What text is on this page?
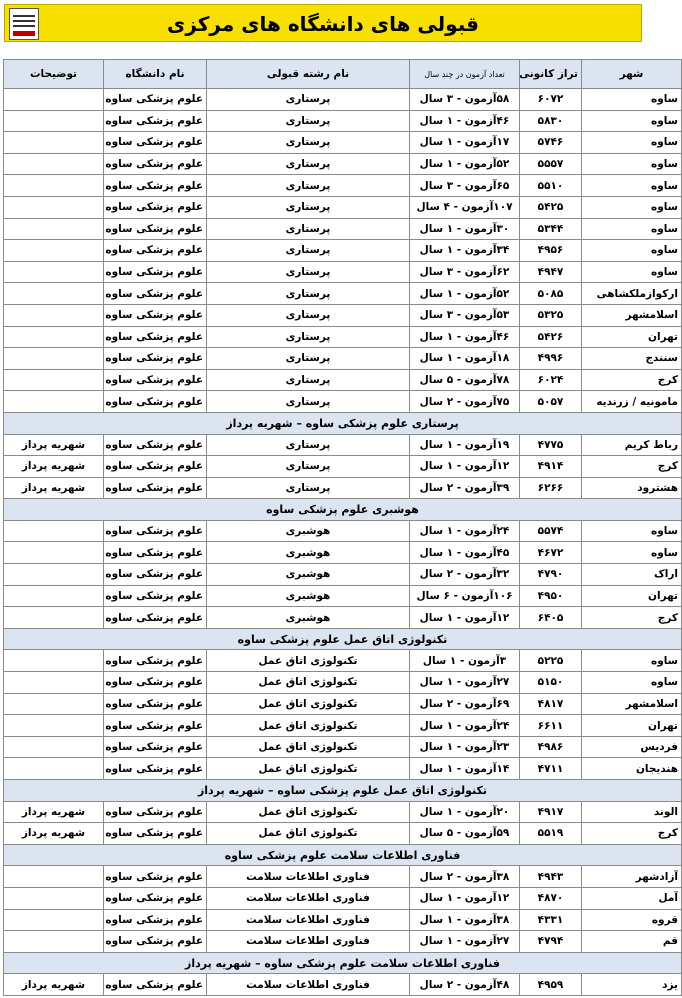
قبولی های دانشگاه های مرکزی
شهر	تراز کانونی	تعداد آزمون در چند سال	نام رشته قبولی	نام دانشگاه	توضیحات
ساوه	۶۰۷۲	۵۸آزمون - ۳ سال	پرستاری	علوم پزشکی ساوه	
ساوه	۵۸۳۰	۴۶آزمون - ۱ سال	پرستاری	علوم پزشکی ساوه	
ساوه	۵۷۴۶	۱۷آزمون - ۱ سال	پرستاری	علوم پزشکی ساوه	
ساوه	۵۵۵۷	۵۲آزمون - ۱ سال	پرستاری	علوم پزشکی ساوه	
ساوه	۵۵۱۰	۶۵آزمون - ۳ سال	پرستاری	علوم پزشکی ساوه	
ساوه	۵۴۲۵	۱۰۷آزمون - ۴ سال	پرستاری	علوم پزشکی ساوه	
ساوه	۵۳۴۴	۳۰آزمون - ۱ سال	پرستاری	علوم پزشکی ساوه	
ساوه	۴۹۵۶	۳۴آزمون - ۱ سال	پرستاری	علوم پزشکی ساوه	
ساوه	۴۹۴۷	۶۲آزمون - ۳ سال	پرستاری	علوم پزشکی ساوه	
ارکوازملکشاهی	۵۰۸۵	۵۲آزمون - ۱ سال	پرستاری	علوم پزشکی ساوه	
اسلامشهر	۵۳۲۵	۵۳آزمون - ۳ سال	پرستاری	علوم پزشکی ساوه	
تهران	۵۴۲۶	۴۶آزمون - ۱ سال	پرستاری	علوم پزشکی ساوه	
سنندج	۴۹۹۶	۱۸آزمون - ۱ سال	پرستاری	علوم پزشکی ساوه	
کرج	۶۰۲۴	۷۸آزمون - ۵ سال	پرستاری	علوم پزشکی ساوه	
مامونیه / زرندیه	۵۰۵۷	۷۵آزمون - ۲ سال	پرستاری	علوم پزشکی ساوه	
پرستاری علوم پزشکی ساوه – شهریه پرداز					
رباط کریم	۴۷۷۵	۱۹آزمون - ۱ سال	پرستاری	علوم پزشکی ساوه	شهریه پرداز
کرج	۴۹۱۴	۱۲آزمون - ۱ سال	پرستاری	علوم پزشکی ساوه	شهریه پرداز
هشترود	۶۲۶۶	۳۹آزمون - ۲ سال	پرستاری	علوم پزشکی ساوه	شهریه پرداز
هوشبری علوم پزشکی ساوه					
ساوه	۵۵۷۴	۲۴آزمون - ۱ سال	هوشبری	علوم پزشکی ساوه	
ساوه	۴۶۷۲	۴۵آزمون - ۱ سال	هوشبری	علوم پزشکی ساوه	
اراک	۴۷۹۰	۳۲آزمون - ۲ سال	هوشبری	علوم پزشکی ساوه	
تهران	۴۹۵۰	۱۰۶آزمون - ۶ سال	هوشبری	علوم پزشکی ساوه	
کرج	۶۴۰۵	۱۲آزمون - ۱ سال	هوشبری	علوم پزشکی ساوه	
تکنولوژی اتاق عمل علوم پزشکی ساوه					
ساوه	۵۲۲۵	۳آزمون - ۱ سال	تکنولوژی اتاق عمل	علوم پزشکی ساوه	
ساوه	۵۱۵۰	۲۷آزمون - ۱ سال	تکنولوژی اتاق عمل	علوم پزشکی ساوه	
اسلامشهر	۴۸۱۷	۶۹آزمون - ۲ سال	تکنولوژی اتاق عمل	علوم پزشکی ساوه	
تهران	۶۶۱۱	۲۴آزمون - ۱ سال	تکنولوژی اتاق عمل	علوم پزشکی ساوه	
فردیس	۴۹۸۶	۲۳آزمون - ۱ سال	تکنولوژی اتاق عمل	علوم پزشکی ساوه	
هندیجان	۴۷۱۱	۱۴آزمون - ۱ سال	تکنولوژی اتاق عمل	علوم پزشکی ساوه	
تکنولوژی اتاق عمل علوم پزشکی ساوه – شهریه پرداز					
الوند	۴۹۱۷	۲۰آزمون - ۱ سال	تکنولوژی اتاق عمل	علوم پزشکی ساوه	شهریه پرداز
کرج	۵۵۱۹	۵۹آزمون - ۵ سال	تکنولوژی اتاق عمل	علوم پزشکی ساوه	شهریه پرداز
فناوری اطلاعات سلامت علوم پزشکی ساوه					
آزادشهر	۴۹۴۳	۳۸آزمون - ۲ سال	فناوری اطلاعات سلامت	علوم پزشکی ساوه	
آمل	۴۸۷۰	۱۲آزمون - ۱ سال	فناوری اطلاعات سلامت	علوم پزشکی ساوه	
قروه	۴۳۳۱	۳۸آزمون - ۱ سال	فناوری اطلاعات سلامت	علوم پزشکی ساوه	
قم	۴۷۹۴	۲۷آزمون - ۱ سال	فناوری اطلاعات سلامت	علوم پزشکی ساوه	
فناوری اطلاعات سلامت علوم پزشکی ساوه – شهریه پرداز					
یزد	۴۹۵۹	۴۸آزمون - ۲ سال	فناوری اطلاعات سلامت	علوم پزشکی ساوه	شهریه پرداز
